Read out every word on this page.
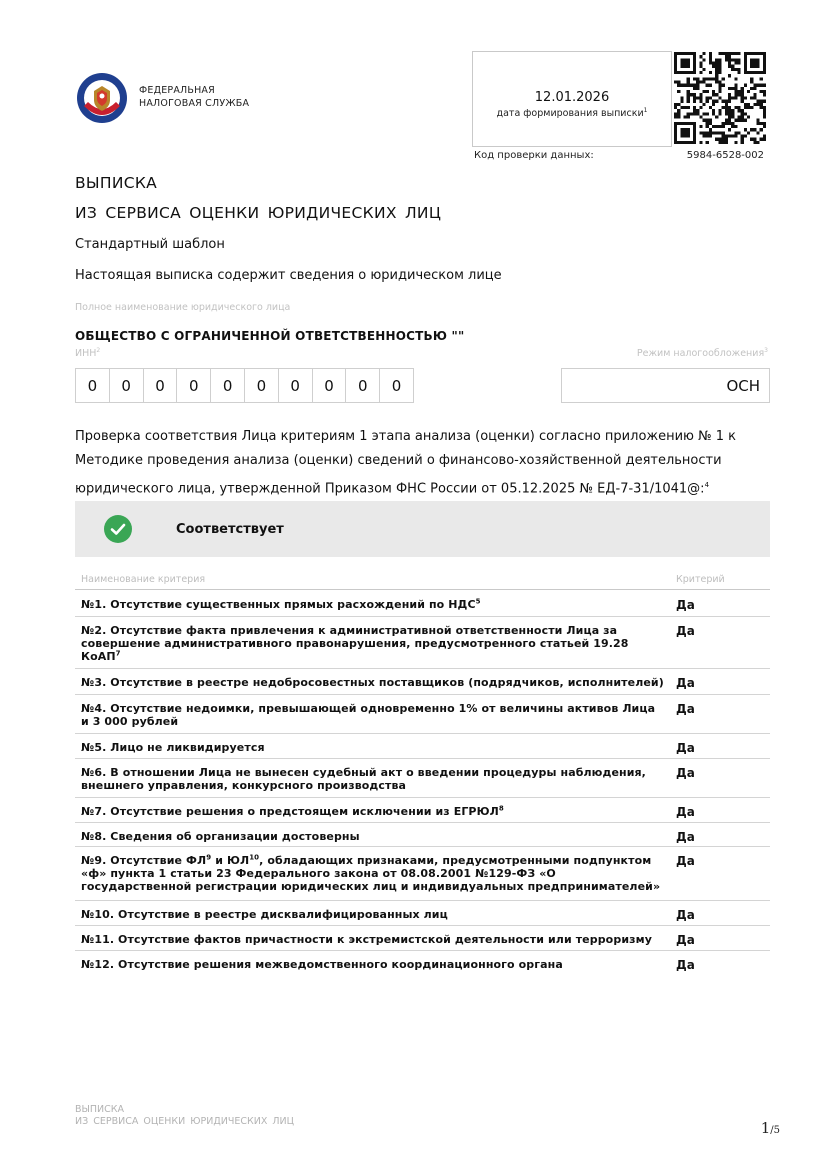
ФЕДЕРАЛЬНАЯ
НАЛОГОВАЯ СЛУЖБА	12.01.2026
дата формирования выписки$^1$
Код проверки данных:	5984-6528-002
ВЫПИСКА
ИЗ СЕРВИСА ОЦЕНКИ ЮРИДИЧЕСКИХ ЛИЦ
Стандартный шаблон
Настоящая выписка содержит сведения о юридическом лице
Полное наименование юридического лица
ОБЩЕСТВО С ОГРАНИЧЕННОЙ ОТВЕТСТВЕННОСТЬЮ ""
ИНН$^2$	Режим налогообложения$^3$
0	0	0	0	0	0	0	0	0	0	ОСН
Проверка соответствия Лица критериям 1 этапа анализа (оценки) согласно приложению № 1 к Методике проведения анализа (оценки) сведений о финансово-хозяйственной деятельности юридического лица, утвержденной Приказом ФНС России от 05.12.2025 № ЕД-7-31/1041@:$^4$
Соответствует
Наименование критерия	Критерий
№1. Отсутствие существенных прямых расхождений по НДС$^5$	Да
№2. Отсутствие факта привлечения к административной ответственности Лица за совершение административного правонарушения, предусмотренного статьей 19.28 КоАП$^7$
Да
№3. Отсутствие в реестре недобросовестных поставщиков (подрядчиков, исполнителей) Да
№4. Отсутствие недоимки, превышающей одновременно 1% от величины активов Лица и 3 000 рублей
Да
№5. Лицо не ликвидируется	Да
№6. В отношении Лица не вынесен судебный акт о введении процедуры наблюдения, внешнего управления, конкурсного производства
Да
№7. Отсутствие решения о предстоящем исключении из ЕГРЮЛ$^8$	Да
№8. Сведения об организации достоверны	Да
№9. Отсутствие $ФЛ^9$ и ЮЛ$^{10}$, обладающих признаками, предусмотренными подпунктом «ф» пункта 1 статьи 23 Федерального закона от 08.08.2001 №129-ФЗ «О государственной регистрации юридических лиц и индивидуальных предпринимателей»
Да
№10. Отсутствие в реестре дисквалифицированных лиц	Да
№11. Отсутствие фактов причастности к экстремистской деятельности или терроризму	Да
№12. Отсутствие решения межведомственного координационного органа	Да
ВЫПИСКА
ИЗ СЕРВИСА ОЦЕНКИ ЮРИДИЧЕСКИХ ЛИЦ	1/5
